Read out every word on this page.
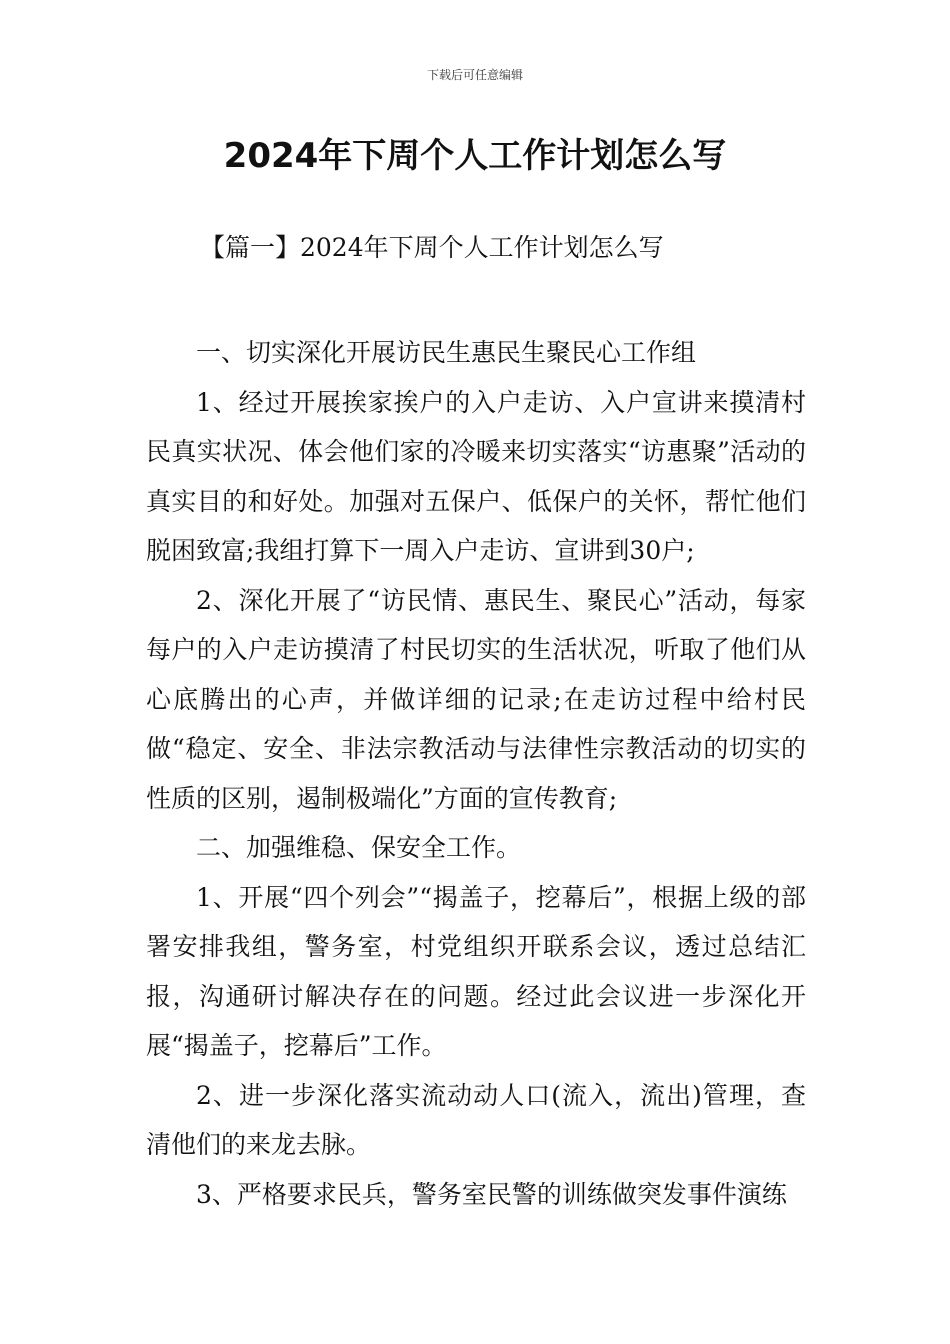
下载后可任意编辑
2024年下周个人工作计划怎么写
【篇一】2024年下周个人工作计划怎么写

一、切实深化开展访民生惠民生聚民心工作组

1、经过开展挨家挨户的入户走访、入户宣讲来摸清村民真实状况、体会他们家的冷暖来切实落实“访惠聚”活动的真实目的和好处。加强对五保户、低保户的关怀，帮忙他们脱困致富;我组打算下一周入户走访、宣讲到30户;

2、深化开展了“访民情、惠民生、聚民心”活动，每家每户的入户走访摸清了村民切实的生活状况，听取了他们从心底腾出的心声，并做详细的记录;在走访过程中给村民做“稳定、安全、非法宗教活动与法律性宗教活动的切实的性质的区别，遏制极端化”方面的宣传教育;

二、加强维稳、保安全工作。

1、开展“四个列会”“揭盖子，挖幕后”，根据上级的部署安排我组，警务室，村党组织开联系会议，透过总结汇报，沟通研讨解决存在的问题。经过此会议进一步深化开展“揭盖子，挖幕后”工作。

2、进一步深化落实流动动人口(流入，流出)管理，查清他们的来龙去脉。

3、严格要求民兵，警务室民警的训练做突发事件演练
